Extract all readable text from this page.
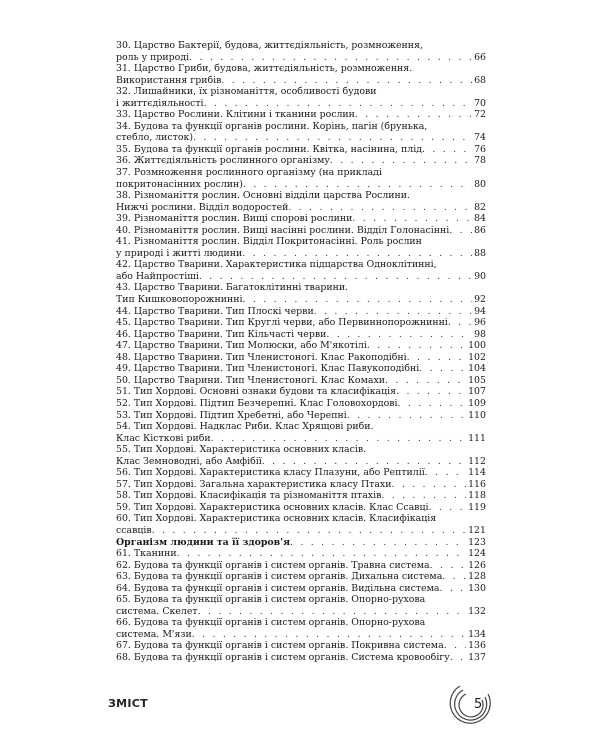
30. Царство Бактерії, будова, життєдіяльність, розмноження,
роль у природі . . .	66
31. Царство Гриби, будова, життєдіяльність, розмноження.
Використання грибів . . .	68
32. Лишайники, їх різноманіття, особливості будови
і життєдіяльності . . .	70
33. Царство Рослини. Клітини і тканини рослин . . .	72
34. Будова та функції органів рослини. Корінь, пагін (брунька,
стебло, листок) . . .	74
35. Будова та функції органів рослини. Квітка, насінина, плід . . .	76
36. Життєдіяльність рослинного організму . . .	78
37. Розмноження рослинного організму (на прикладі
покритонасінних рослин) . . .	80
38. Різноманіття рослин. Основні відділи царства Рослини.
Нижчі рослини. Відділ водоростей . . .	82
39. Різноманіття рослин. Вищі спорові рослини . . .	84
40. Різноманіття рослин. Вищі насінні рослини. Відділ Голонасінні . . .	86
41. Різноманіття рослин. Відділ Покритонасінні. Роль рослин
у природі і житті людини . . .	88
42. Царство Тварини. Характеристика підцарства Одноклітинні,
або Найпростіші . . .	90
43. Царство Тварини. Багатоклітинні тварини.
Тип Кишковопорожнинні . . .	92
44. Царство Тварини. Тип Плоскі черви . . .	94
45. Царство Тварини. Тип Круглі черви, або Первиннопорожнинні . . .	96
46. Царство Тварини. Тип Кільчасті черви . . .	98
47. Царство Тварини. Тип Молюски, або М'якотілі . . .	100
48. Царство Тварини. Тип Членистоногі. Клас Ракоподібні . . .	102
49. Царство Тварини. Тип Членистоногі. Клас Павукоподібні . . .	104
50. Царство Тварини. Тип Членистоногі. Клас Комахи . . .	105
51. Тип Хордові. Основні ознаки будови та класифікація . . .	107
52. Тип Хордові. Підтип Безчерепні. Клас Головохордові . . .	109
53. Тип Хордові. Підтип Хребетні, або Черепні . . .	110
54. Тип Хордові. Надклас Риби. Клас Хрящові риби.
Клас Кісткові риби . . .	111
55. Тип Хордові. Характеристика основних класів.
Клас Земноводні, або Амфібії . . .	112
56. Тип Хордові. Характеристика класу Плазуни, або Рептилії . . .	114
57. Тип Хордові. Загальна характеристика класу Птахи . . .	116
58. Тип Хордові. Класифікація та різноманіття птахів . . .	118
59. Тип Хордові. Характеристика основних класів. Клас Ссавці . . .	119
60. Тип Хордові. Характеристика основних класів. Класифікація
ссавців . . .	121
Організм людини та її здоров'я . . .	123
61. Тканини . . .	124
62. Будова та функції органів і систем органів. Травна система . . .	126
63. Будова та функції органів і систем органів. Дихальна система . . .	128
64. Будова та функції органів і систем органів. Видільна система . . .	130
65. Будова та функції органів і систем органів. Опорно-рухова
система. Скелет . . .	132
66. Будова та функції органів і систем органів. Опорно-рухова
система. М'язи . . .	134
67. Будова та функції органів і систем органів. Покривна система . . .	136
68. Будова та функції органів і систем органів. Система кровообігу . . . 137
ЗМІСТ	5
